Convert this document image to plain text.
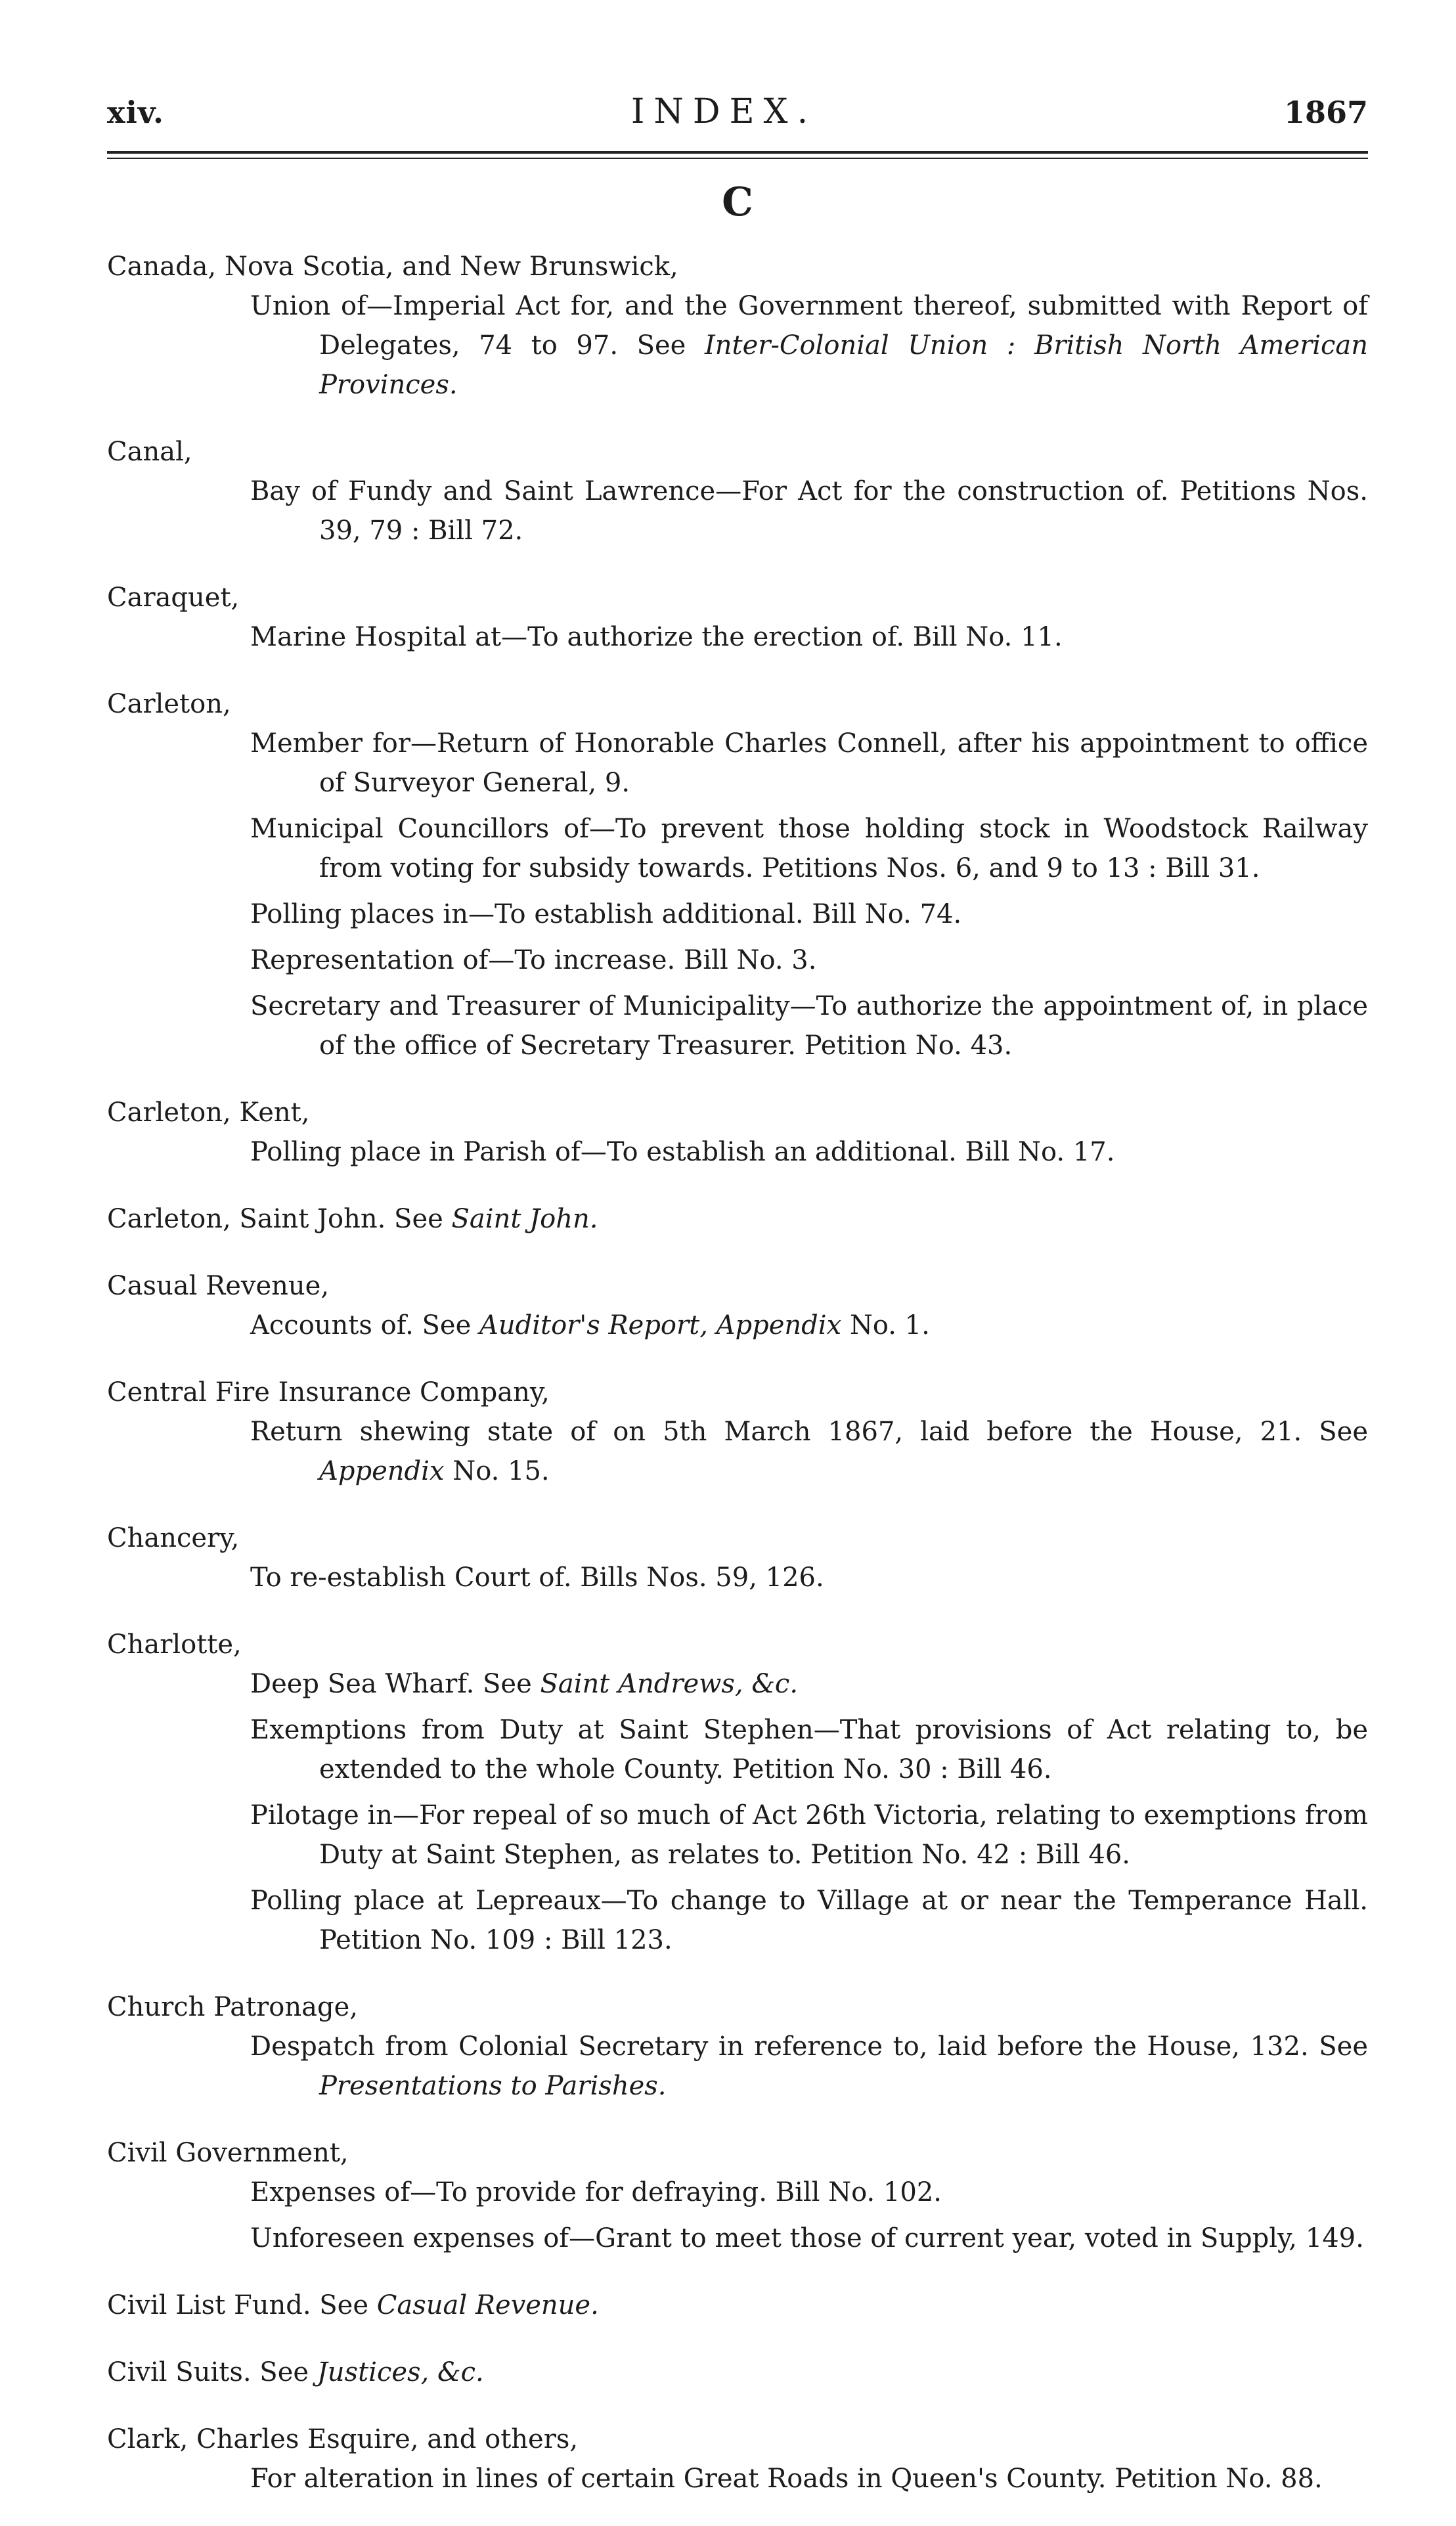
xiv.	INDEX.	1867
C
Canada, Nova Scotia, and New Brunswick,
Union of—Imperial Act for, and the Government thereof, submitted with Report of Delegates, 74 to 97. See Inter-Colonial Union : British North American Provinces.
Canal,
Bay of Fundy and Saint Lawrence—For Act for the construction of. Petitions Nos. 39, 79 : Bill 72.
Caraquet,
Marine Hospital at—To authorize the erection of. Bill No. 11.
Carleton,
Member for—Return of Honorable Charles Connell, after his appointment to office of Surveyor General, 9.
Municipal Councillors of—To prevent those holding stock in Woodstock Railway from voting for subsidy towards. Petitions Nos. 6, and 9 to 13 : Bill 31.
Polling places in—To establish additional. Bill No. 74.
Representation of—To increase. Bill No. 3.
Secretary and Treasurer of Municipality—To authorize the appointment of, in place of the office of Secretary Treasurer. Petition No. 43.
Carleton, Kent,
Polling place in Parish of—To establish an additional. Bill No. 17.
Carleton, Saint John. See Saint John.
Casual Revenue,
Accounts of. See Auditor's Report, Appendix No. 1.
Central Fire Insurance Company,
Return shewing state of on 5th March 1867, laid before the House, 21. See Appendix No. 15.
Chancery,
To re-establish Court of. Bills Nos. 59, 126.
Charlotte,
Deep Sea Wharf. See Saint Andrews, &c.
Exemptions from Duty at Saint Stephen—That provisions of Act relating to, be extended to the whole County. Petition No. 30 : Bill 46.
Pilotage in—For repeal of so much of Act 26th Victoria, relating to exemptions from Duty at Saint Stephen, as relates to. Petition No. 42 : Bill 46.
Polling place at Lepreaux—To change to Village at or near the Temperance Hall. Petition No. 109 : Bill 123.
Church Patronage,
Despatch from Colonial Secretary in reference to, laid before the House, 132. See Presentations to Parishes.
Civil Government,
Expenses of—To provide for defraying. Bill No. 102.
Unforeseen expenses of—Grant to meet those of current year, voted in Supply, 149.
Civil List Fund. See Casual Revenue.
Civil Suits. See Justices, &c.
Clark, Charles Esquire, and others,
For alteration in lines of certain Great Roads in Queen's County. Petition No. 88.
